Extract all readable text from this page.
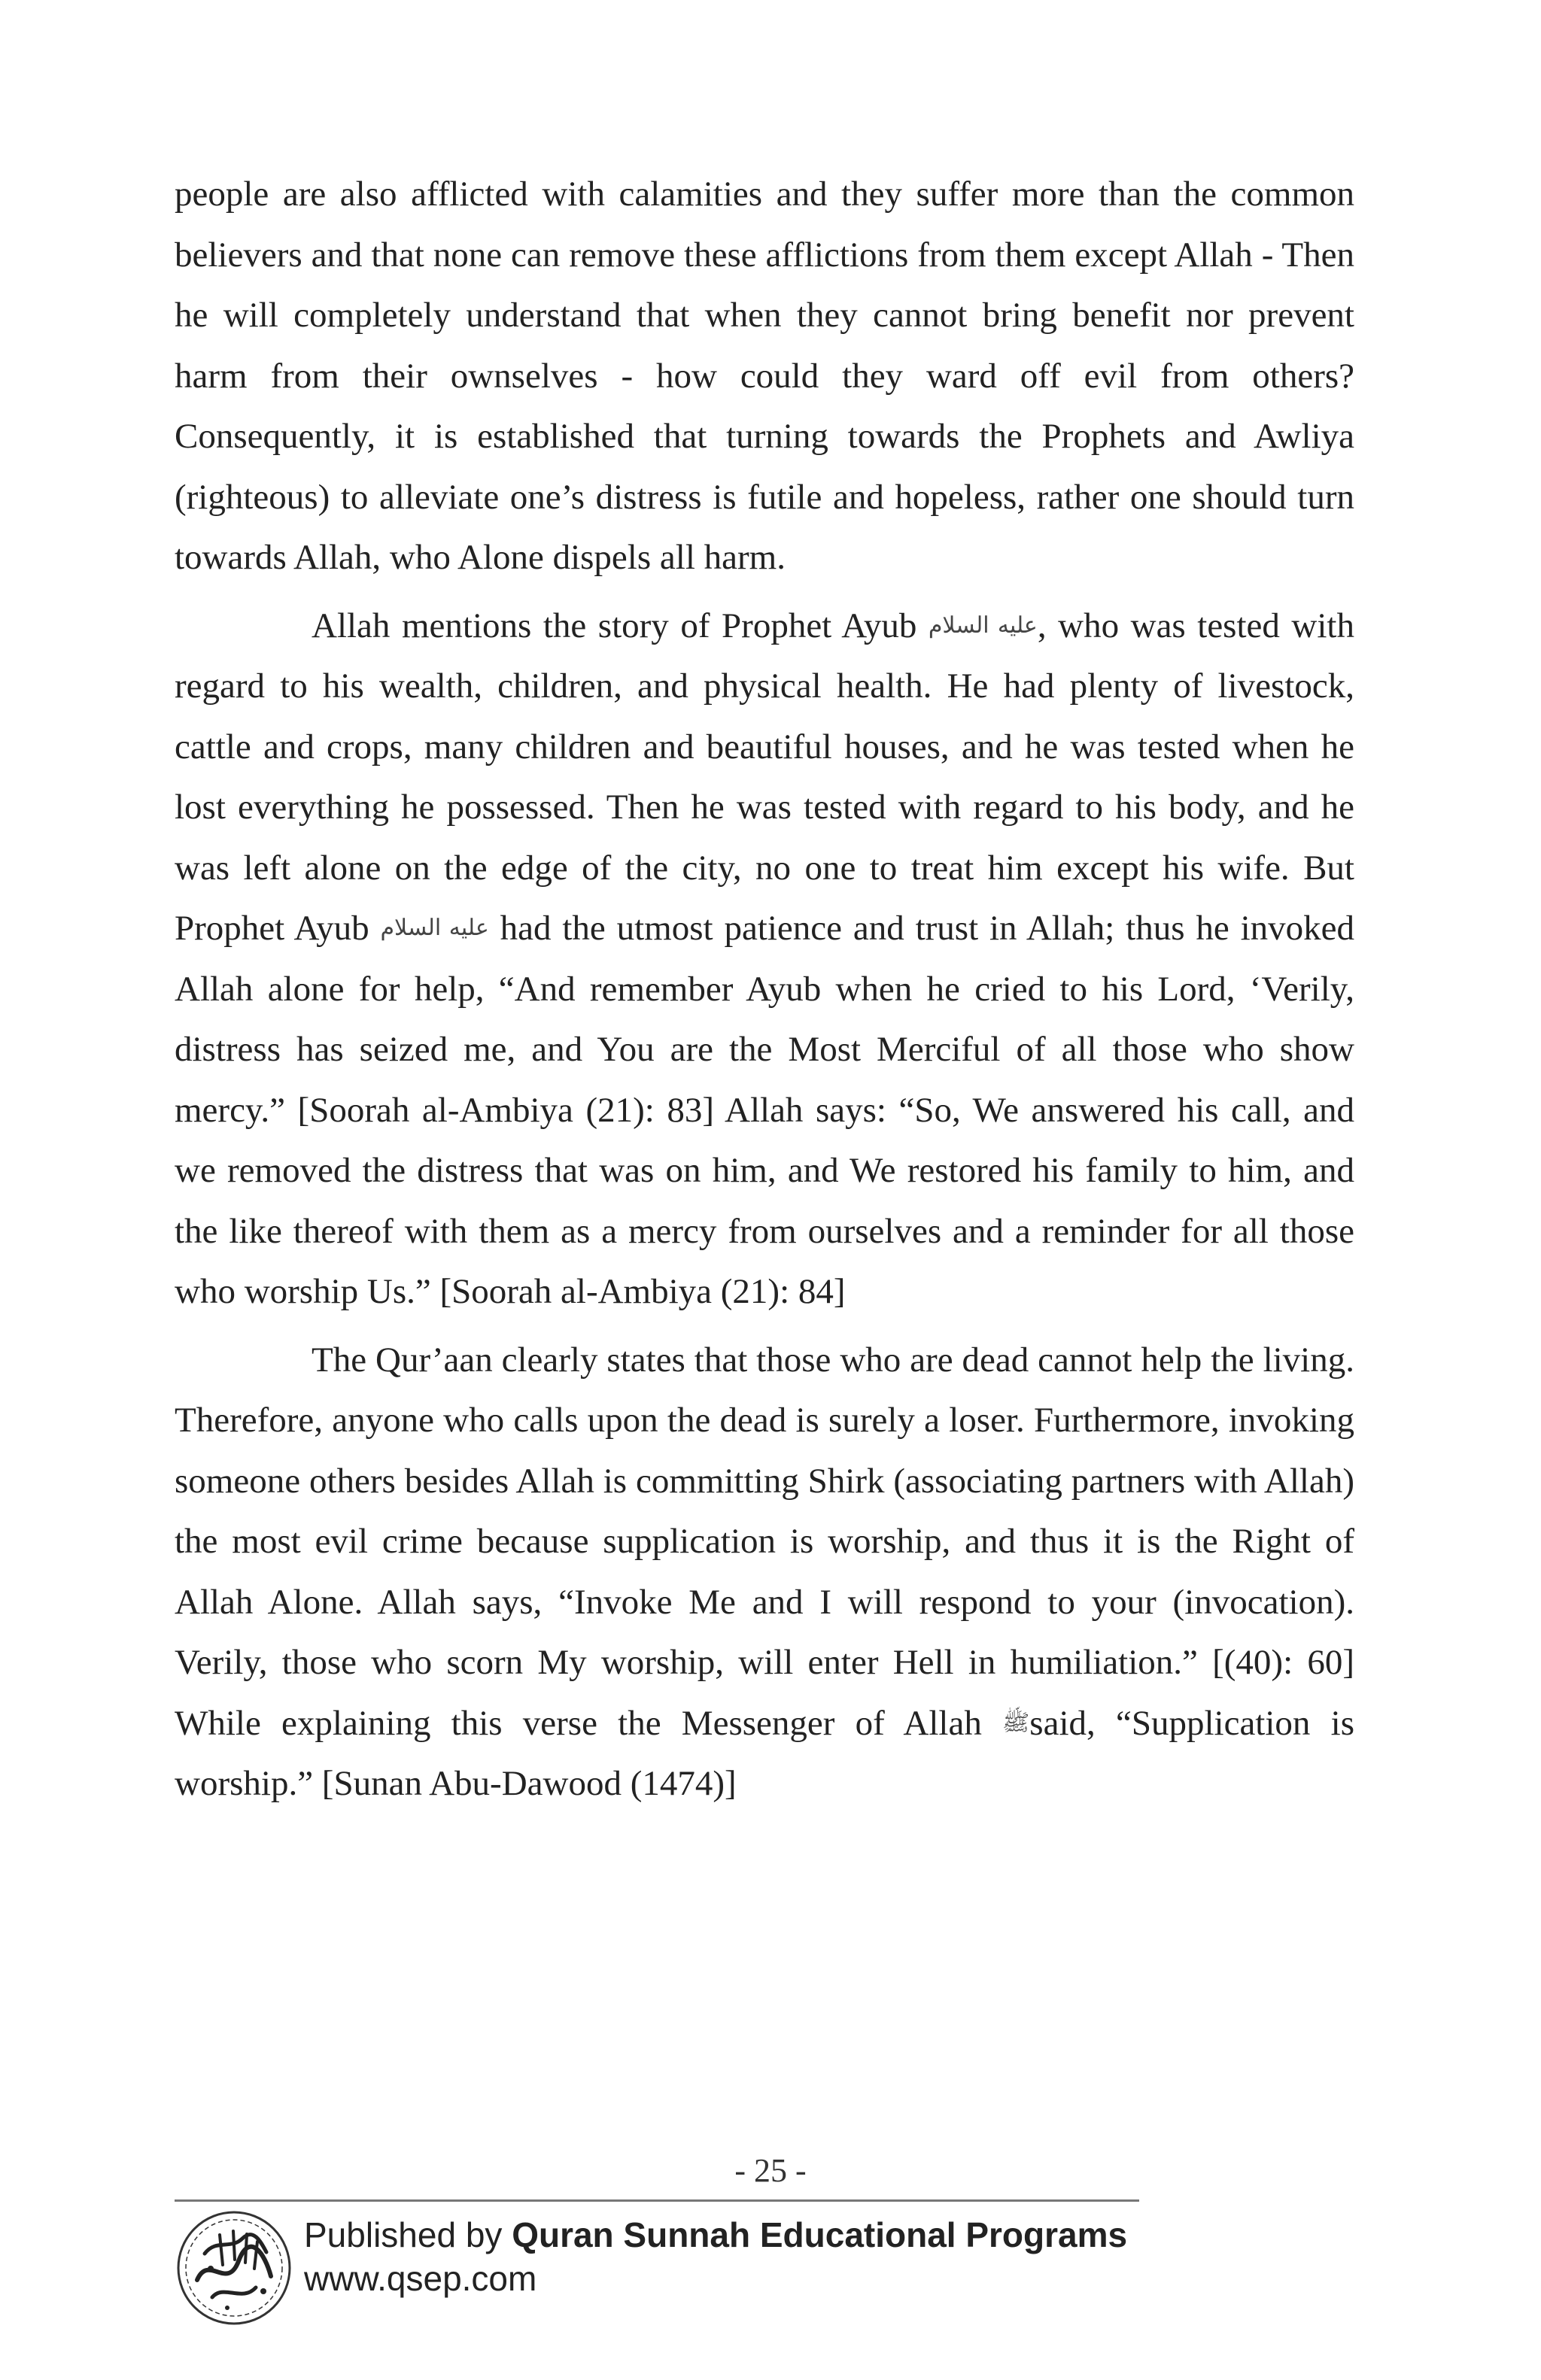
people are also afflicted with calamities and they suffer more than the common believers and that none can remove these afflictions from them except Allah - Then he will completely understand that when they cannot bring benefit nor prevent harm from their ownselves - how could they ward off evil from others? Consequently, it is established that turning towards the Prophets and Awliya (righteous) to alleviate one’s distress is futile and hopeless, rather one should turn towards Allah, who Alone dispels all harm.

Allah mentions the story of Prophet Ayub عليه السلام, who was tested with regard to his wealth, children, and physical health. He had plenty of livestock, cattle and crops, many children and beautiful houses, and he was tested when he lost everything he possessed. Then he was tested with regard to his body, and he was left alone on the edge of the city, no one to treat him except his wife. But Prophet Ayub عليه السلام had the utmost patience and trust in Allah; thus he invoked Allah alone for help, “And remember Ayub when he cried to his Lord, ‘Verily, distress has seized me, and You are the Most Merciful of all those who show mercy.” [Soorah al-Ambiya (21): 83] Allah says: “So, We answered his call, and we removed the distress that was on him, and We restored his family to him, and the like thereof with them as a mercy from ourselves and a reminder for all those who worship Us.” [Soorah al-Ambiya (21): 84]

The Qur’aan clearly states that those who are dead cannot help the living. Therefore, anyone who calls upon the dead is surely a loser. Furthermore, invoking someone others besides Allah is committing Shirk (associating partners with Allah) the most evil crime because supplication is worship, and thus it is the Right of Allah Alone. Allah says, “Invoke Me and I will respond to your (invocation). Verily, those who scorn My worship, will enter Hell in humiliation.” [(40): 60] While explaining this verse the Messenger of Allah ﷺsaid, “Supplication is worship.” [Sunan Abu-Dawood (1474)]

- 25 -
Published by Quran Sunnah Educational Programs
www.qsep.com
